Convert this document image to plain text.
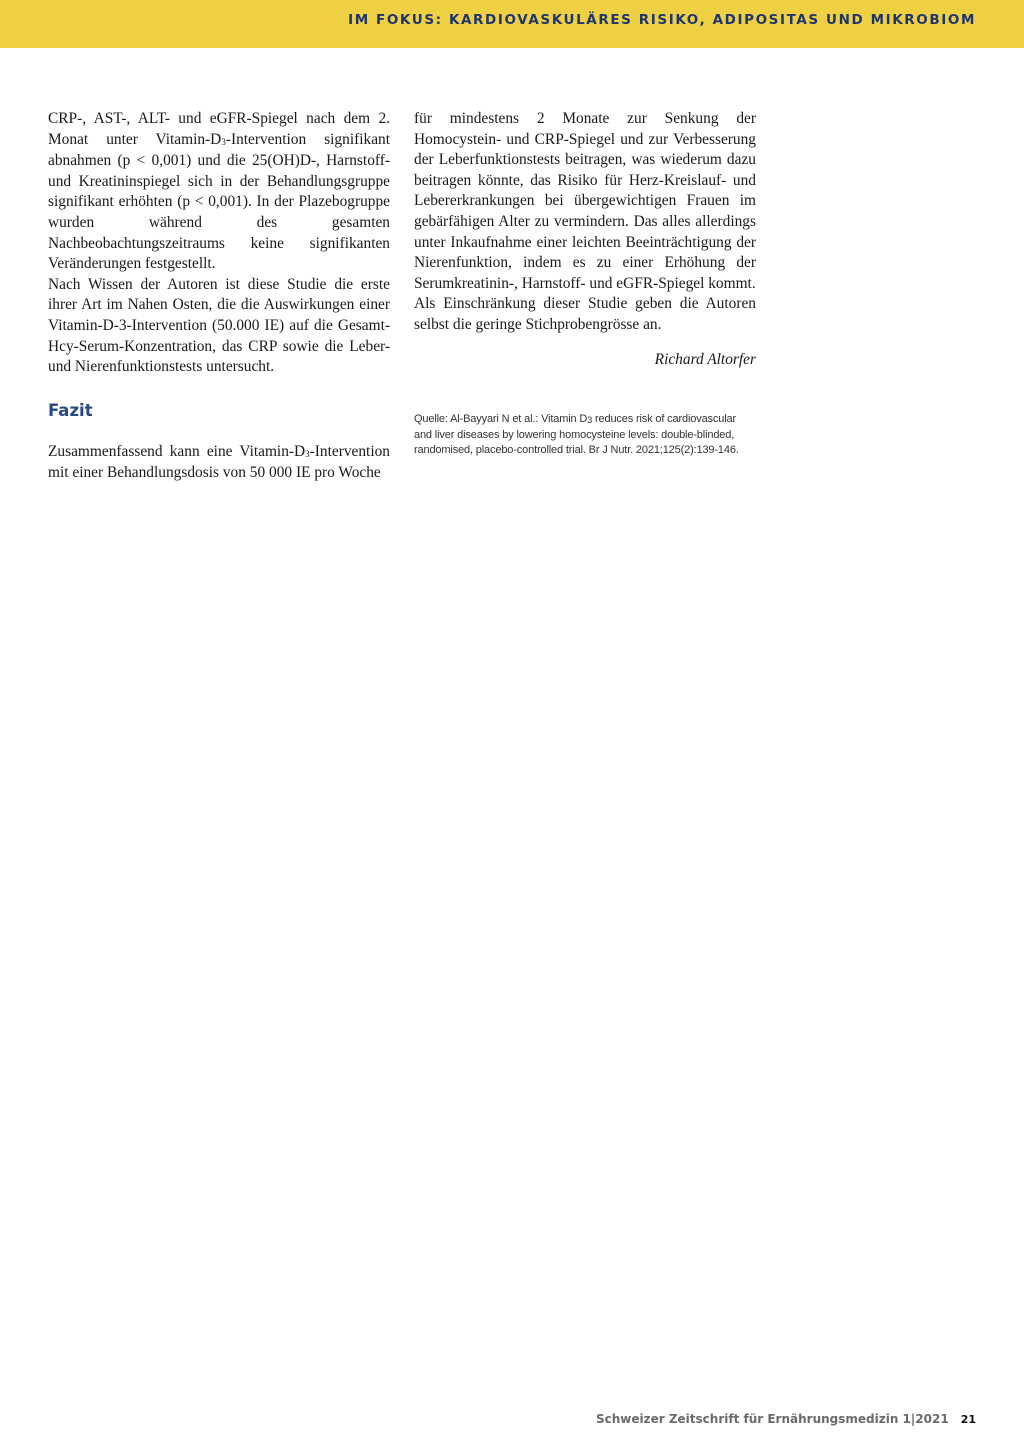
IM FOKUS: KARDIOVASKULÄRES RISIKO, ADIPOSITAS UND MIKROBIOM

CRP-, AST-, ALT- und eGFR-Spiegel nach dem 2. Monat unter Vitamin-$D_3$-Intervention signifikant abnahmen (p < 0,001) und die 25(OH)D-, Harnstoff- und Kreatininspiegel sich in der Behandlungsgruppe signifikant erhöhten (p < 0,001). In der Plazebogruppe wurden während des gesamten Nachbeobachtungszeitraums keine signifikanten Veränderungen festgestellt.

Nach Wissen der Autoren ist diese Studie die erste ihrer Art im Nahen Osten, die die Auswirkungen einer Vitamin-D-3-Intervention (50.000 IE) auf die Gesamt-Hcy-Serum-Konzentration, das CRP sowie die Leber- und Nierenfunktionstests untersucht.

Fazit

Zusammenfassend kann eine Vitamin-$D_3$-Intervention mit einer Behandlungsdosis von 50 000 IE pro Woche

für mindestens 2 Monate zur Senkung der Homocystein- und CRP-Spiegel und zur Verbesserung der Leberfunktionstests beitragen, was wiederum dazu beitragen könnte, das Risiko für Herz-Kreislauf- und Lebererkrankungen bei übergewichtigen Frauen im gebärfähigen Alter zu vermindern. Das alles allerdings unter Inkaufnahme einer leichten Beeinträchtigung der Nierenfunktion, indem es zu einer Erhöhung der Serumkreatinin-, Harnstoff- und eGFR-Spiegel kommt.

Als Einschränkung dieser Studie geben die Autoren selbst die geringe Stichprobengrösse an.

Richard Altorfer
Quelle: Al-Bayyari N et al.: Vitamin $D_3$ reduces risk of cardiovascular and liver diseases by lowering homocysteine levels: double-blinded, randomised, placebo-controlled trial. Br J Nutr. 2021;125(2):139-146.
Schweizer Zeitschrift für Ernährungsmedizin 1|2021 21
